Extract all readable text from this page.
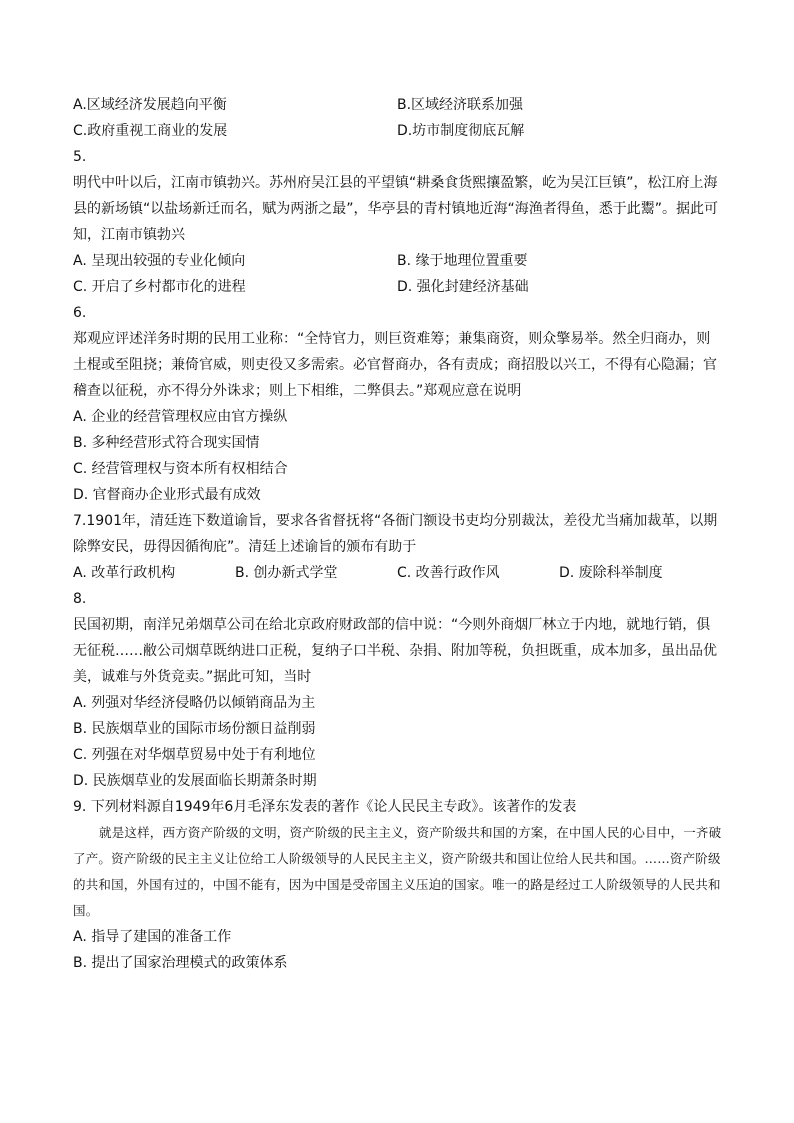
A.区域经济发展趋向平衡	B.区域经济联系加强
C.政府重视工商业的发展	D.坊市制度彻底瓦解
5.
明代中叶以后，江南市镇勃兴。苏州府吴江县的平望镇“耕桑食货熙攘盈繁，屹为吴江巨镇”，松江府上海县的新场镇“以盐场新迁而名，赋为两浙之最”，华亭县的青村镇地近海“海渔者得鱼，悉于此鬻”。据此可知，江南市镇勃兴
A. 呈现出较强的专业化倾向	B. 缘于地理位置重要
C. 开启了乡村都市化的进程	D. 强化封建经济基础
6.
郑观应评述洋务时期的民用工业称：“全恃官力，则巨资难筹；兼集商资，则众擎易举。然全归商办，则土棍或至阻挠；兼倚官威，则吏役又多需索。必官督商办，各有责成；商招股以兴工，不得有心隐漏；官稽查以征税，亦不得分外诛求；则上下相维，二弊俱去。”郑观应意在说明
A. 企业的经营管理权应由官方操纵
B. 多种经营形式符合现实国情
C. 经营管理权与资本所有权相结合
D. 官督商办企业形式最有成效
7.1901年，清廷连下数道谕旨，要求各省督抚将“各衙门额设书吏均分别裁汰，差役尤当痛加裁革，以期除弊安民，毋得因循徇庇”。清廷上述谕旨的颁布有助于
A. 改革行政机构	B. 创办新式学堂	C. 改善行政作风	D. 废除科举制度
8.
民国初期，南洋兄弟烟草公司在给北京政府财政部的信中说：“今则外商烟厂林立于内地，就地行销，俱无征税……敝公司烟草既纳进口正税，复纳子口半税、杂捐、附加等税，负担既重，成本加多，虽出品优美，诚难与外货竞卖。”据此可知，当时
A. 列强对华经济侵略仍以倾销商品为主
B. 民族烟草业的国际市场份额日益削弱
C. 列强在对华烟草贸易中处于有利地位
D. 民族烟草业的发展面临长期萧条时期
9. 下列材料源自1949年6月毛泽东发表的著作《论人民民主专政》。该著作的发表
就是这样，西方资产阶级的文明，资产阶级的民主主义，资产阶级共和国的方案，在中国人民的心目中，一齐破了产。资产阶级的民主主义让位给工人阶级领导的人民民主主义，资产阶级共和国让位给人民共和国。……资产阶级的共和国，外国有过的，中国不能有，因为中国是受帝国主义压迫的国家。唯一的路是经过工人阶级领导的人民共和国。
A. 指导了建国的准备工作
B. 提出了国家治理模式的政策体系
